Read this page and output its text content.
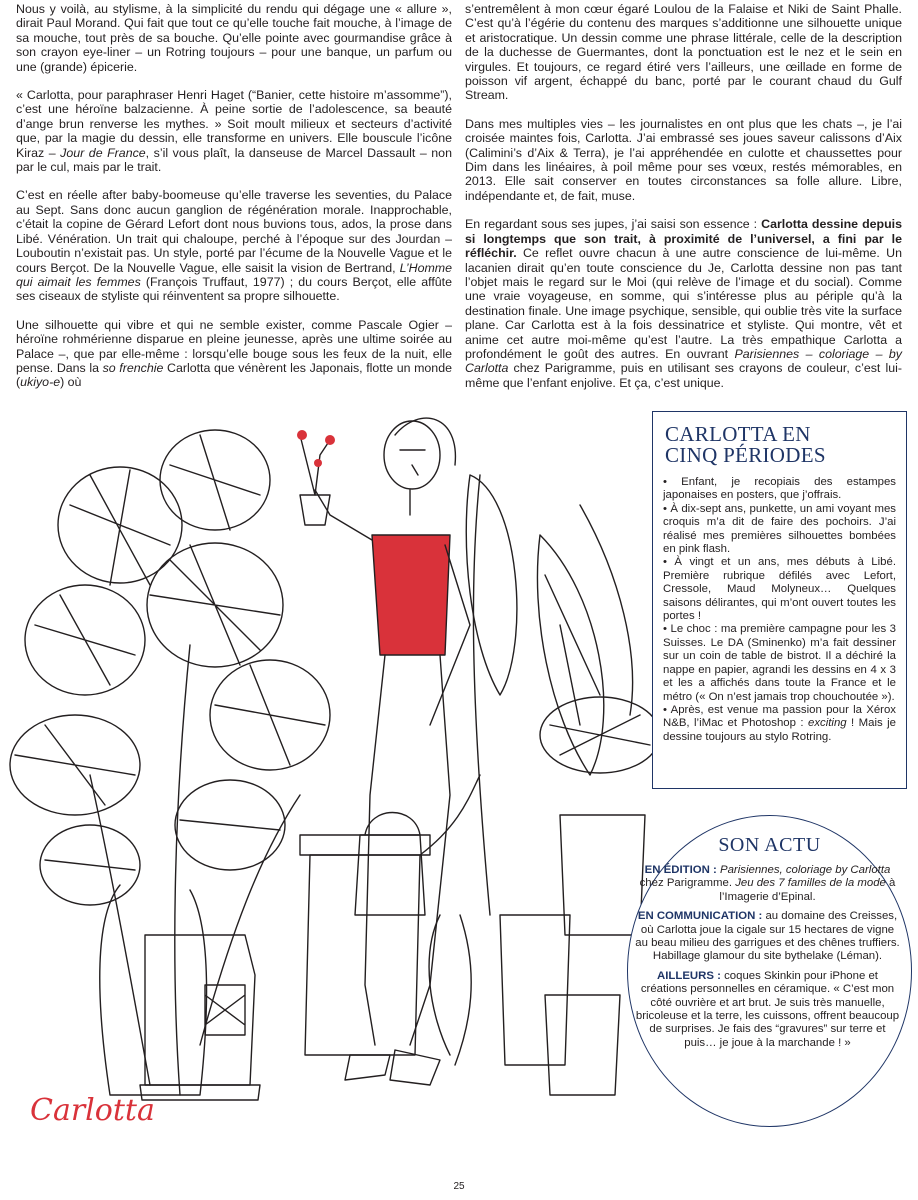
Nous y voilà, au stylisme, à la simplicité du rendu qui dégage une « allure », dirait Paul Morand. Qui fait que tout ce qu’elle touche fait mouche, à l’image de sa mouche, tout près de sa bouche. Qu’elle pointe avec gourmandise grâce à son crayon eye-liner – un Rotring toujours – pour une banque, un parfum ou une (grande) épicerie.

« Carlotta, pour paraphraser Henri Haget (“Banier, cette histoire m’assomme”), c’est une héroïne balzacienne. À peine sortie de l’adolescence, sa beauté d’ange brun renverse les mythes. » Soit moult milieux et secteurs d’activité que, par la magie du dessin, elle transforme en univers. Elle bouscule l’icône Kiraz – Jour de France, s’il vous plaît, la danseuse de Marcel Dassault – non par le cul, mais par le trait.

C’est en réelle after baby-boomeuse qu’elle traverse les seventies, du Palace au Sept. Sans donc aucun ganglion de régénération morale. Inapprochable, c’était la copine de Gérard Lefort dont nous buvions tous, ados, la prose dans Libé. Vénération. Un trait qui chaloupe, perché à l’époque sur des Jourdan – Louboutin n’existait pas. Un style, porté par l’écume de la Nouvelle Vague et le cours Berçot. De la Nouvelle Vague, elle saisit la vision de Bertrand, L’Homme qui aimait les femmes (François Truffaut, 1977) ; du cours Berçot, elle affûte ses ciseaux de styliste qui réinventent sa propre silhouette.

Une silhouette qui vibre et qui ne semble exister, comme Pascale Ogier – héroïne rohmérienne disparue en pleine jeunesse, après une ultime soirée au Palace –, que par elle-même : lorsqu’elle bouge sous les feux de la nuit, elle pense. Dans la so frenchie Carlotta que vénèrent les Japonais, flotte un monde (ukiyo-e) où

s’entremêlent à mon cœur égaré Loulou de la Falaise et Niki de Saint Phalle. C’est qu’à l’égérie du contenu des marques s’additionne une silhouette unique et aristocratique. Un dessin comme une phrase littérale, celle de la description de la duchesse de Guermantes, dont la ponctuation est le nez et le sein en virgules. Et toujours, ce regard étiré vers l’ailleurs, une œillade en forme de poisson vif argent, échappé du banc, porté par le courant chaud du Gulf Stream.

Dans mes multiples vies – les journalistes en ont plus que les chats –, je l’ai croisée maintes fois, Carlotta. J’ai embrassé ses joues saveur calissons d’Aix (Calimini’s d’Aix & Terra), je l’ai appréhendée en culotte et chaussettes pour Dim dans les linéaires, à poil même pour ses vœux, restés mémorables, en 2013. Elle sait conserver en toutes circonstances sa folle allure. Libre, indépendante et, de fait, muse.

En regardant sous ses jupes, j’ai saisi son essence : Carlotta dessine depuis si longtemps que son trait, à proximité de l’universel, a fini par le réfléchir. Ce reflet ouvre chacun à une autre conscience de lui-même. Un lacanien dirait qu’en toute conscience du Je, Carlotta dessine non pas tant l’objet mais le regard sur le Moi (qui relève de l’image et du social). Comme une vraie voyageuse, en somme, qui s’intéresse plus au périple qu’à la destination finale. Une image psychique, sensible, qui oublie très vite la surface plane. Car Carlotta est à la fois dessinatrice et styliste. Qui montre, vêt et anime cet autre moi-même qu’est l’autre. La très empathique Carlotta a profondément le goût des autres. En ouvrant Parisiennes – coloriage – by Carlotta chez Parigramme, puis en utilisant ses crayons de couleur, c’est lui-même que l’enfant enjolive. Et ça, c’est unique.

Carlotta
CARLOTTA EN
CINQ PÉRIODES
• Enfant, je recopiais des estampes japonaises en posters, que j’offrais.
• À dix-sept ans, punkette, un ami voyant mes croquis m’a dit de faire des pochoirs. J’ai réalisé mes premières silhouettes bombées en pink flash.
• À vingt et un ans, mes débuts à Libé. Première rubrique défilés avec Lefort, Cressole, Maud Molyneux… Quelques saisons délirantes, qui m’ont ouvert toutes les portes !
• Le choc : ma première campagne pour les 3 Suisses. Le DA (Sminenko) m’a fait dessiner sur un coin de table de bistrot. Il a déchiré la nappe en papier, agrandi les dessins en 4 x 3 et les a affichés dans toute la France et le métro (« On n’est jamais trop chouchoutée »).
• Après, est venue ma passion pour la Xérox N&B, l’iMac et Photoshop : exciting ! Mais je dessine toujours au stylo Rotring.
SON ACTU

EN ÉDITION : Parisiennes, coloriage by Carlotta chez Parigramme. Jeu des 7 familles de la mode à l’Imagerie d’Epinal.

EN COMMUNICATION : au domaine des Creisses, où Carlotta joue la cigale sur 15 hectares de vigne au beau milieu des garrigues et des chênes truffiers. Habillage glamour du site bythelake (Léman).

AILLEURS : coques Skinkin pour iPhone et créations personnelles en céramique. « C’est mon côté ouvrière et art brut. Je suis très manuelle, bricoleuse et la terre, les cuissons, offrent beaucoup de surprises. Je fais des “gravures” sur terre et puis… je joue à la marchande ! »

25
